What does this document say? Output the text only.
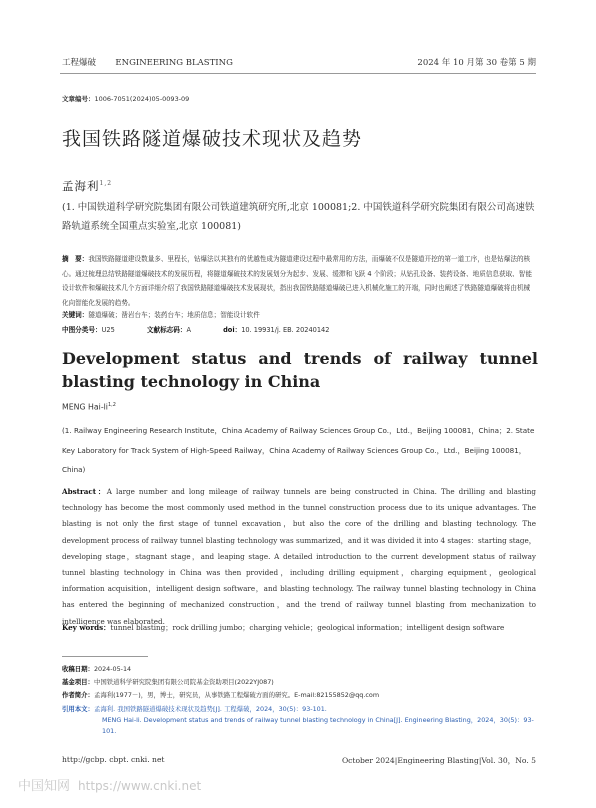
工程爆破 ENGINEERING BLASTING	2024 年 10 月第 30 卷第 5 期
文章编号：1006-7051(2024)05-0093-09
我国铁路隧道爆破技术现状及趋势
孟海利$^{1,2}$
(1. 中国铁道科学研究院集团有限公司铁道建筑研究所,北京 100081;2. 中国铁道科学研究院集团有限公司高速铁路轨道系统全国重点实验室,北京 100081)
摘　要：我国铁路隧道建设数量多、里程长，钻爆法以其独有的优越性成为隧道建设过程中最常用的方法，而爆破不仅是隧道开挖的第一道工序，也是钻爆法的核心。通过梳理总结铁路隧道爆破技术的发展历程，将隧道爆破技术的发展划分为起步、发展、缓滞和飞跃 4 个阶段；从钻孔设备、装药设备、地质信息获取、智能设计软件和爆破技术几个方面详细介绍了我国铁路隧道爆破技术发展现状，指出我国铁路隧道爆破已进入机械化施工的开端，同时也阐述了铁路隧道爆破将由机械化向智能化发展的趋势。
关键词：隧道爆破；凿岩台车；装药台车；地质信息；智能设计软件
中图分类号：U25	文献标志码：A	doi：10. 19931/j. EB. 20240142
Development status and trends of railway tunnel blasting technology in China
MENG Hai-li$^{1,2}$
(1. Railway Engineering Research Institute，China Academy of Railway Sciences Group Co.，Ltd.，Beijing 100081，China；2. State Key Laboratory for Track System of High-Speed Railway，China Academy of Railway Sciences Group Co.，Ltd.，Beijing 100081，China)
Abstract：A large number and long mileage of railway tunnels are being constructed in China. The drilling and blasting technology has become the most commonly used method in the tunnel construction process due to its unique advantages. The blasting is not only the first stage of tunnel excavation，but also the core of the drilling and blasting technology. The development process of railway tunnel blasting technology was summarized，and it was divided it into 4 stages：starting stage，developing stage，stagnant stage，and leaping stage. A detailed introduction to the current development status of railway tunnel blasting technology in China was then provided，including drilling equipment，charging equipment，geological information acquisition，intelligent design software，and blasting technology. The railway tunnel blasting technology in China has entered the beginning of mechanized construction，and the trend of railway tunnel blasting from mechanization to intelligence was elaborated.
Key words：tunnel blasting；rock drilling jumbo；charging vehicle；geological information；intelligent design software
收稿日期：2024-05-14
基金项目：中国铁道科学研究院集团有限公司院基金资助项目(2022YJ087)
作者简介：孟海利(1977－)，男，博士，研究员，从事铁路工程爆破方面的研究。E-mail:82155852@qq.com
引用本文：孟海利. 我国铁路隧道爆破技术现状及趋势[J]. 工程爆破，2024，30(5)：93-101.
MENG Hai-li. Development status and trends of railway tunnel blasting technology in China[J]. Engineering Blasting，2024，30(5)：93-101.
http://gcbp. cbpt. cnki. net	October 2024|Engineering Blasting|Vol. 30，No. 5
中国知网 https://www.cnki.net
